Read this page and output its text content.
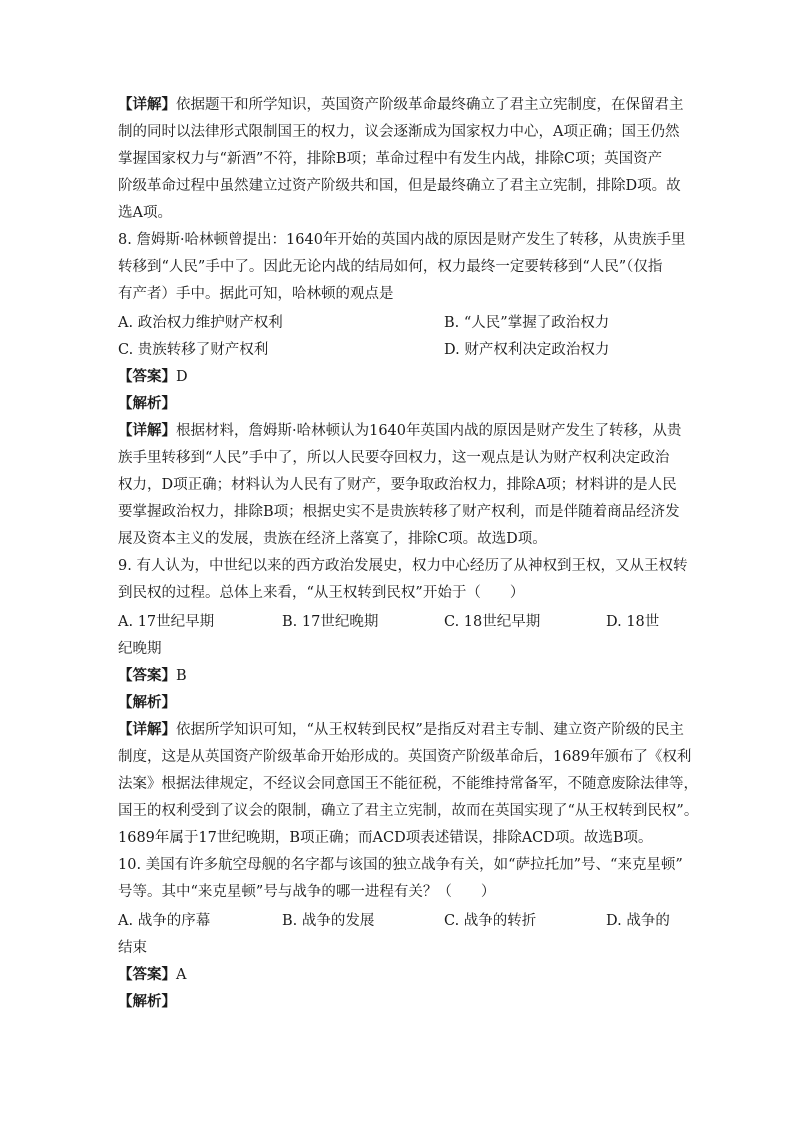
【详解】依据题干和所学知识，英国资产阶级革命最终确立了君主立宪制度，在保留君主
制的同时以法律形式限制国王的权力，议会逐渐成为国家权力中心，A项正确；国王仍然
掌握国家权力与“新酒”不符，排除B项；革命过程中有发生内战，排除C项；英国资产
阶级革命过程中虽然建立过资产阶级共和国，但是最终确立了君主立宪制，排除D项。故
选A项。
8. 詹姆斯·哈林顿曾提出：1640年开始的英国内战的原因是财产发生了转移，从贵族手里
转移到“人民”手中了。因此无论内战的结局如何，权力最终一定要转移到“人民”（仅指
有产者）手中。据此可知，哈林顿的观点是
A. 政治权力维护财产权利	B. “人民”掌握了政治权力
C. 贵族转移了财产权利	D. 财产权利决定政治权力
【答案】D
【解析】
【详解】根据材料，詹姆斯·哈林顿认为1640年英国内战的原因是财产发生了转移，从贵
族手里转移到“人民”手中了，所以人民要夺回权力，这一观点是认为财产权利决定政治
权力，D项正确；材料认为人民有了财产，要争取政治权力，排除A项；材料讲的是人民
要掌握政治权力，排除B项；根据史实不是贵族转移了财产权利，而是伴随着商品经济发
展及资本主义的发展，贵族在经济上落寞了，排除C项。故选D项。
9. 有人认为，中世纪以来的西方政治发展史，权力中心经历了从神权到王权，又从王权转
到民权的过程。总体上来看，“从王权转到民权”开始于（　　）
A. 17世纪早期	B. 17世纪晚期	C. 18世纪早期	D. 18世
纪晚期
【答案】B
【解析】
【详解】依据所学知识可知，“从王权转到民权”是指反对君主专制、建立资产阶级的民主
制度，这是从英国资产阶级革命开始形成的。英国资产阶级革命后，1689年颁布了《权利
法案》根据法律规定，不经议会同意国王不能征税，不能维持常备军，不随意废除法律等，
国王的权利受到了议会的限制，确立了君主立宪制，故而在英国实现了“从王权转到民权”。
1689年属于17世纪晚期，B项正确；而ACD项表述错误，排除ACD项。故选B项。
10. 美国有许多航空母舰的名字都与该国的独立战争有关，如“萨拉托加”号、“来克星顿”
号等。其中“来克星顿”号与战争的哪一进程有关？（　　）
A. 战争的序幕	B. 战争的发展	C. 战争的转折	D. 战争的
结束
【答案】A
【解析】
